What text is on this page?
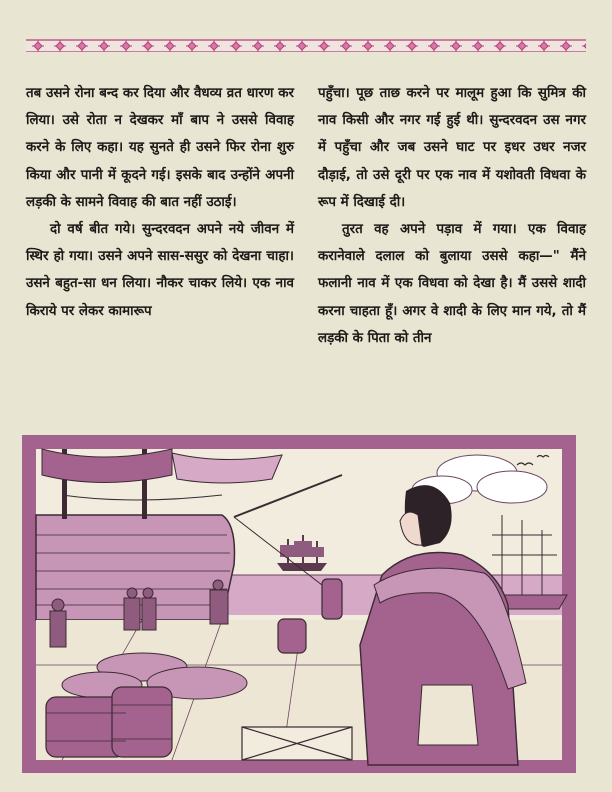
तब उसने रोना बन्द कर दिया और वैधव्य व्रत धारण कर लिया। उसे रोता न देखकर माँ बाप ने उससे विवाह करने के लिए कहा। यह सुनते ही उसने फिर रोना शुरु किया और पानी में कूदने गई। इसके बाद उन्होंने अपनी लड़की के सामने विवाह की बात नहीं उठाई।

दो वर्ष बीत गये। सुन्दरवदन अपने नये जीवन में स्थिर हो गया। उसने अपने सास-ससुर को देखना चाहा। उसने बहुत-सा धन लिया। नौकर चाकर लिये। एक नाव किराये पर लेकर कामारूप

पहुँचा। पूछ ताछ करने पर मालूम हुआ कि सुमित्र की नाव किसी और नगर गई हुई थी। सुन्दरवदन उस नगर में पहुँचा और जब उसने घाट पर इधर उधर नजर दौड़ाई, तो उसे दूरी पर एक नाव में यशोवती विधवा के रूप में दिखाई दी।

तुरत वह अपने पड़ाव में गया। एक विवाह करानेवाले दलाल को बुलाया उससे कहा—" मैंने फलानी नाव में एक विधवा को देखा है। मैं उससे शादी करना चाहता हूँ। अगर वे शादी के लिए मान गये, तो मैं लड़की के पिता को तीन
